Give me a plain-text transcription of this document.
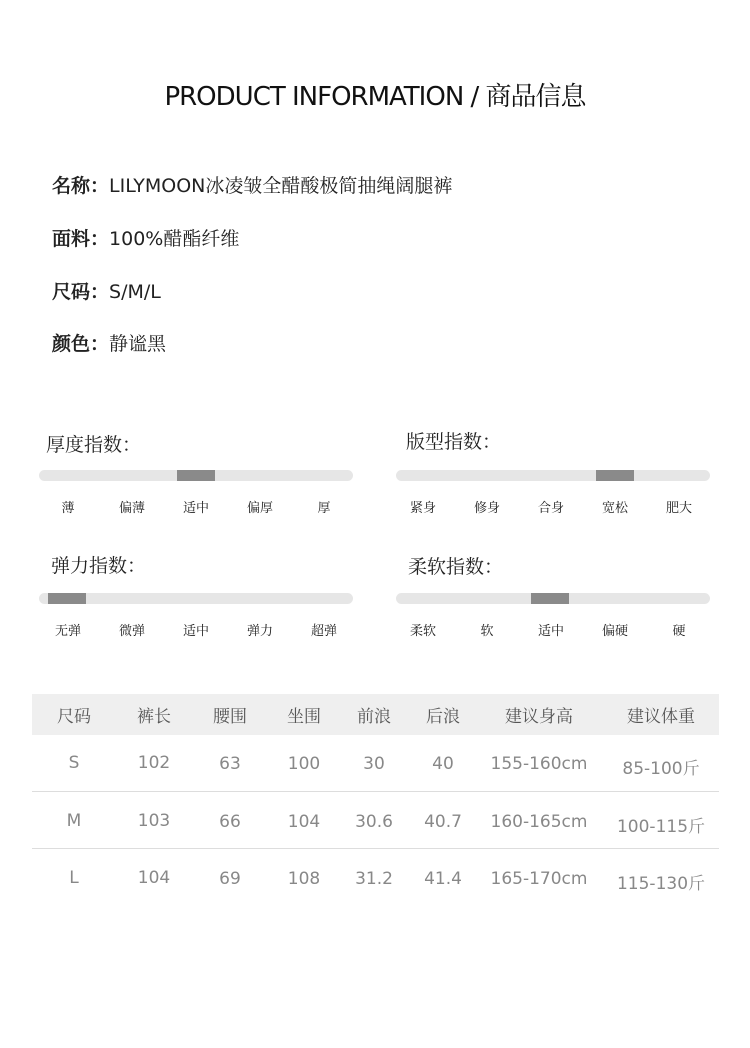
PRODUCT INFORMATION / 商品信息
名称：LILYMOON冰凌皱全醋酸极简抽绳阔腿裤
面料：100%醋酯纤维
尺码：S/M/L
颜色：静谧黑
厚度指数：
薄	偏薄	适中	偏厚	厚
版型指数：
紧身	修身	合身	宽松	肥大
弹力指数：
无弹	微弹	适中	弹力	超弹
柔软指数：
柔软	软	适中	偏硬	硬
尺码	裤长	腰围	坐围	前浪	后浪	建议身高	建议体重
S	102	63	100	30	40	155-160cm	85-100斤
M	103	66	104	30.6	40.7	160-165cm	100-115斤
L	104	69	108	31.2	41.4	165-170cm	115-130斤
